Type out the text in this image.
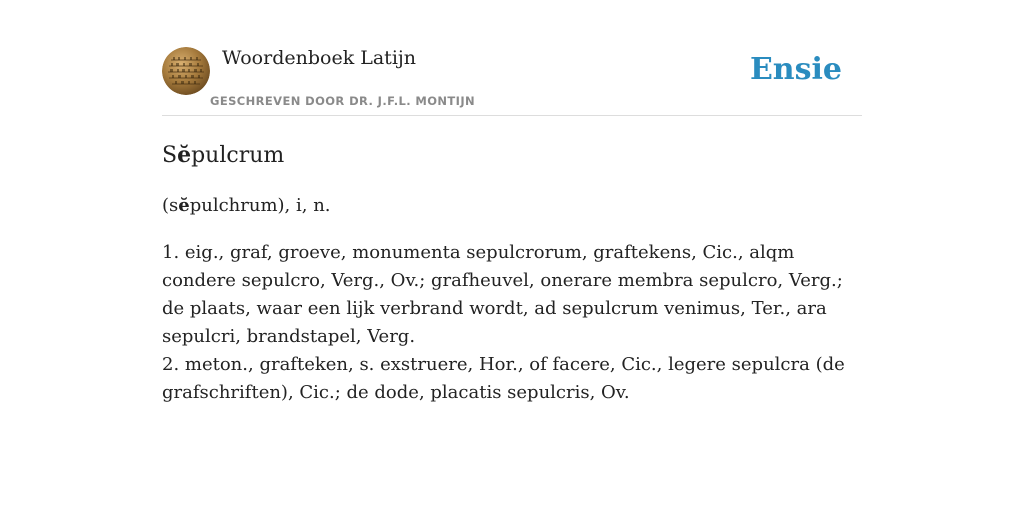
Woordenboek Latijn
GESCHREVEN DOOR DR. J.F.L. MONTIJN
Ensie
Sĕpulcrum
(sĕpulchrum), i, n.
1. eig., graf, groeve, monumenta sepulcrorum, graftekens, Cic., alqm condere sepulcro, Verg., Ov.; grafheuvel, onerare membra sepulcro, Verg.; de plaats, waar een lijk verbrand wordt, ad sepulcrum venimus, Ter., ara sepulcri, brandstapel, Verg.
2. meton., grafteken, s. exstruere, Hor., of facere, Cic., legere sepulcra (de grafschriften), Cic.; de dode, placatis sepulcris, Ov.
